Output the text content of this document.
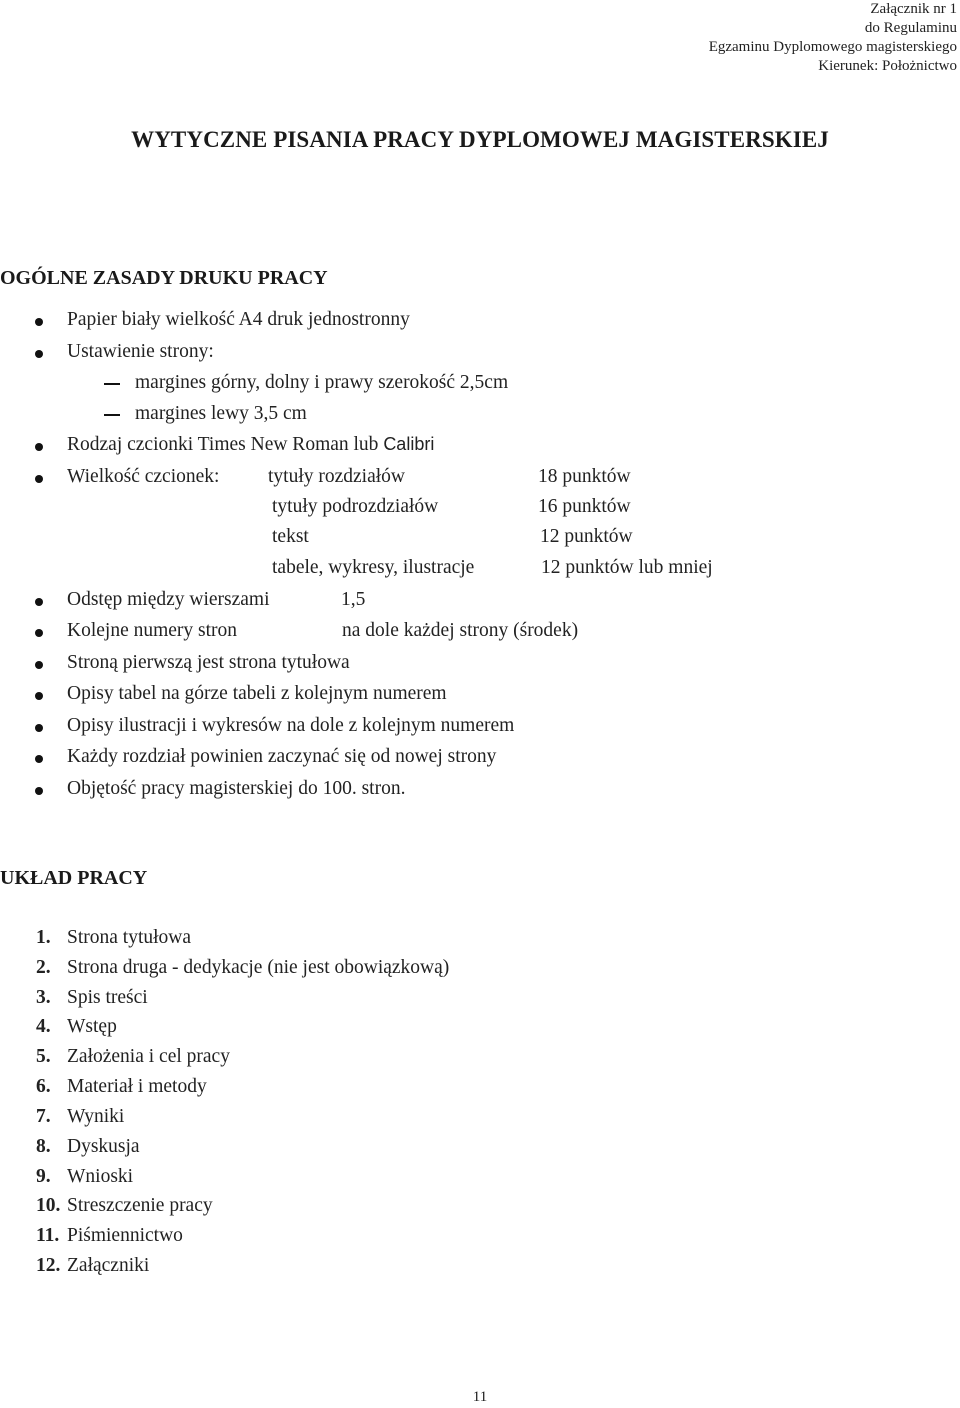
Załącznik nr 1
do Regulaminu
Egzaminu Dyplomowego magisterskiego
Kierunek: Położnictwo
WYTYCZNE PISANIA PRACY DYPLOMOWEJ MAGISTERSKIEJ
OGÓLNE ZASADY DRUKU PRACY
Papier biały wielkość A4 druk jednostronny
Ustawienie strony:
margines górny, dolny i prawy szerokość 2,5cm
margines lewy 3,5 cm
Rodzaj czcionki Times New Roman lub Calibri
Wielkość czcionek: tytuły rozdziałów	18 punktów
tytuły podrozdziałów	16 punktów
tekst	12 punktów
tabele, wykresy, ilustracje	12 punktów lub mniej
Odstęp między wierszami	1,5
Kolejne numery stron	na dole każdej strony (środek)
Stroną pierwszą jest strona tytułowa
Opisy tabel na górze tabeli z kolejnym numerem
Opisy ilustracji i wykresów na dole z kolejnym numerem
Każdy rozdział powinien zaczynać się od nowej strony
Objętość pracy magisterskiej do 100. stron.
UKŁAD PRACY
1. Strona tytułowa
2. Strona druga - dedykacje (nie jest obowiązkową)
3. Spis treści
4. Wstęp
5. Założenia i cel pracy
6. Materiał i metody
7. Wyniki
8. Dyskusja
9. Wnioski
10. Streszczenie pracy
11. Piśmiennictwo
12. Załączniki
11
